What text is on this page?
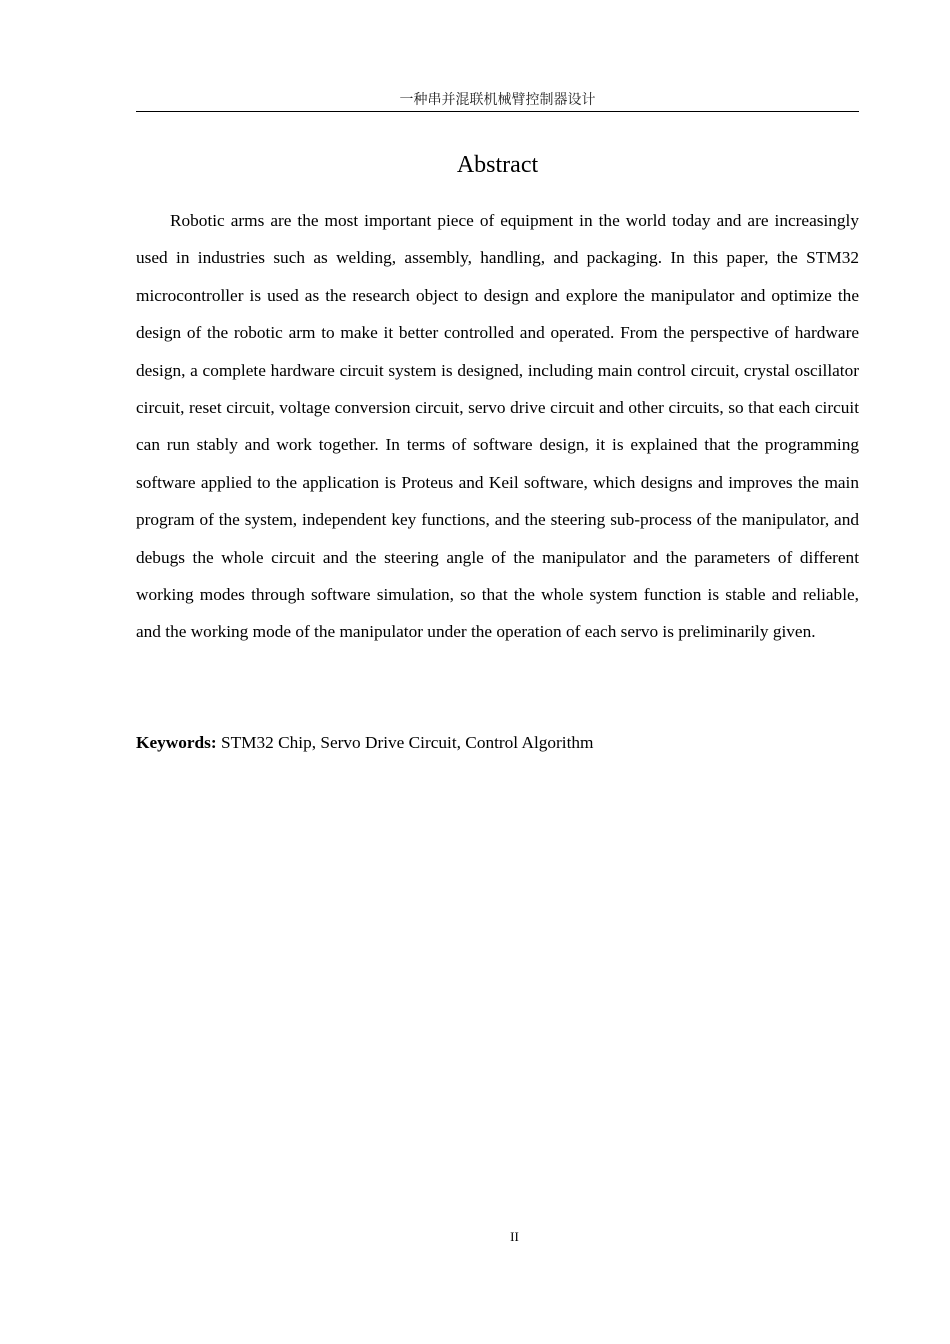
一种串并混联机械臂控制器设计
Abstract

Robotic arms are the most important piece of equipment in the world today and are increasingly used in industries such as welding, assembly, handling, and packaging. In this paper, the STM32 microcontroller is used as the research object to design and explore the manipulator and optimize the design of the robotic arm to make it better controlled and operated. From the perspective of hardware design, a complete hardware circuit system is designed, including main control circuit, crystal oscillator circuit, reset circuit, voltage conversion circuit, servo drive circuit and other circuits, so that each circuit can run stably and work together. In terms of software design, it is explained that the programming software applied to the application is Proteus and Keil software, which designs and improves the main program of the system, independent key functions, and the steering sub-process of the manipulator, and debugs the whole circuit and the steering angle of the manipulator and the parameters of different working modes through software simulation, so that the whole system function is stable and reliable, and the working mode of the manipulator under the operation of each servo is preliminarily given.

Keywords: STM32 Chip, Servo Drive Circuit, Control Algorithm

II
